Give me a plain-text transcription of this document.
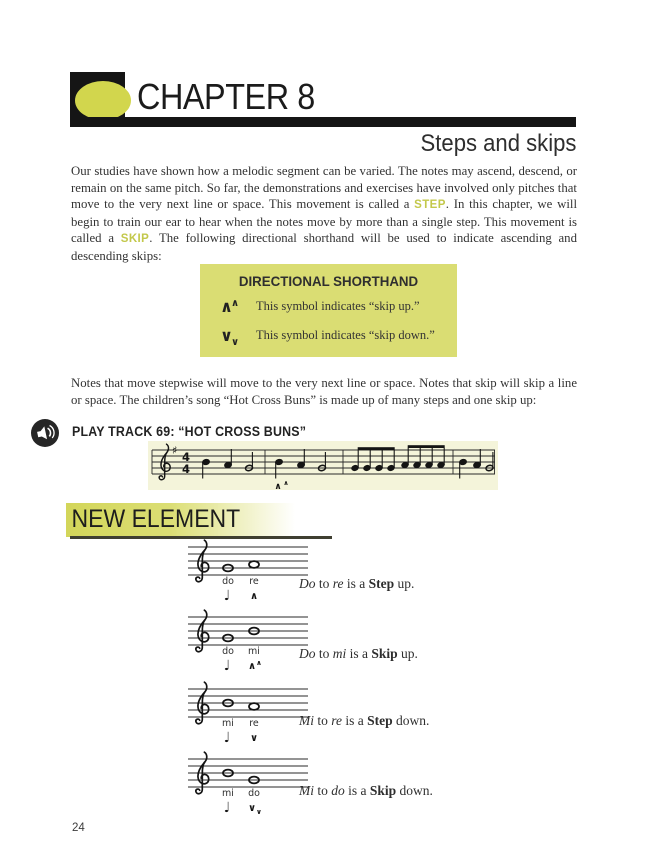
CHAPTER 8
Steps and skips

Our studies have shown how a melodic segment can be varied. The notes may ascend, descend, or remain on the same pitch. So far, the demonstrations and exercises have involved only pitches that move to the very next line or space. This movement is called a STEP. In this chapter, we will begin to train our ear to hear when the notes move by more than a single step. This movement is called a SKIP. The following directional shorthand will be used to indicate ascending and descending skips:

DIRECTIONAL SHORTHAND
∧∧	This symbol indicates “skip up.”
$\vee_\vee$
This symbol indicates “skip down.”

Notes that move stepwise will move to the very next line or space. Notes that skip will skip a line or space. The children’s song “Hot Cross Buns” is made up of many steps and one skip up:

PLAY TRACK 69: “HOT CROSS BUNS”
♯ 4
4
∧ ∧
NEW ELEMENT
do re
♩ ∧
Do to re is a Step up.
do mi
♩ ∧ ∧
Do to mi is a Skip up.
mi re
♩ ∨
Mi to re is a Step down.
mi do
♩ ∨ ∨
Mi to do is a Skip down.
24
